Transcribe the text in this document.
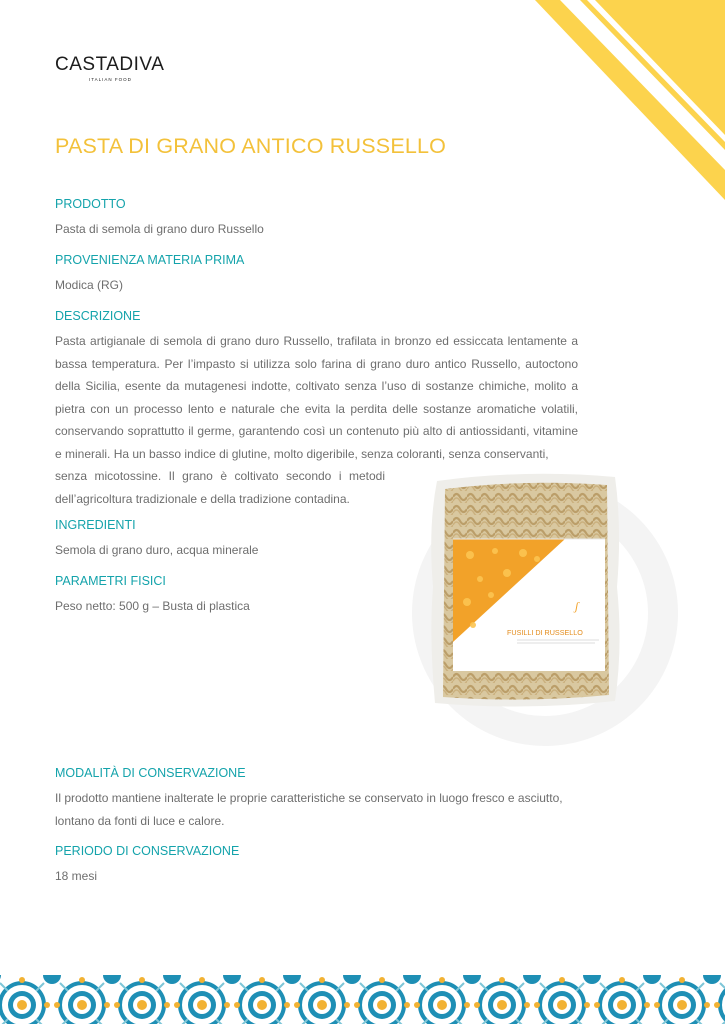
CASTADIVA
ITALIAN FOOD
PASTA DI GRANO ANTICO RUSSELLO
PRODOTTO
Pasta di semola di grano duro Russello
PROVENIENZA MATERIA PRIMA
Modica (RG)
ʃ
FUSILLI DI RUSSELLO
CASTADIVA
DESCRIZIONE

Pasta artigianale di semola di grano duro Russello, trafilata in bronzo ed essiccata lentamente a bassa temperatura. Per l’impasto si utilizza solo farina di grano duro antico Russello, autoctono della Sicilia, esente da mutagenesi indotte, coltivato senza l’uso di sostanze chimiche, molito a pietra con un processo lento e naturale che evita la perdita delle sostanze aromatiche volatili, conservando soprattutto il germe, garantendo così un contenuto più alto di antiossidanti, vitamine e minerali. Ha un basso indice di glutine, molto digeribile, senza coloranti, senza conservanti,

senza micotossine. Il grano è coltivato secondo i metodi

dell’agricoltura tradizionale e della tradizione contadina.

INGREDIENTI
Semola di grano duro, acqua minerale
PARAMETRI FISICI
Peso netto: 500 g – Busta di plastica
MODALITÀ DI CONSERVAZIONE
Il prodotto mantiene inalterate le proprie caratteristiche se conservato in luogo fresco e asciutto, lontano da fonti di luce e calore.
PERIODO DI CONSERVAZIONE
18 mesi
